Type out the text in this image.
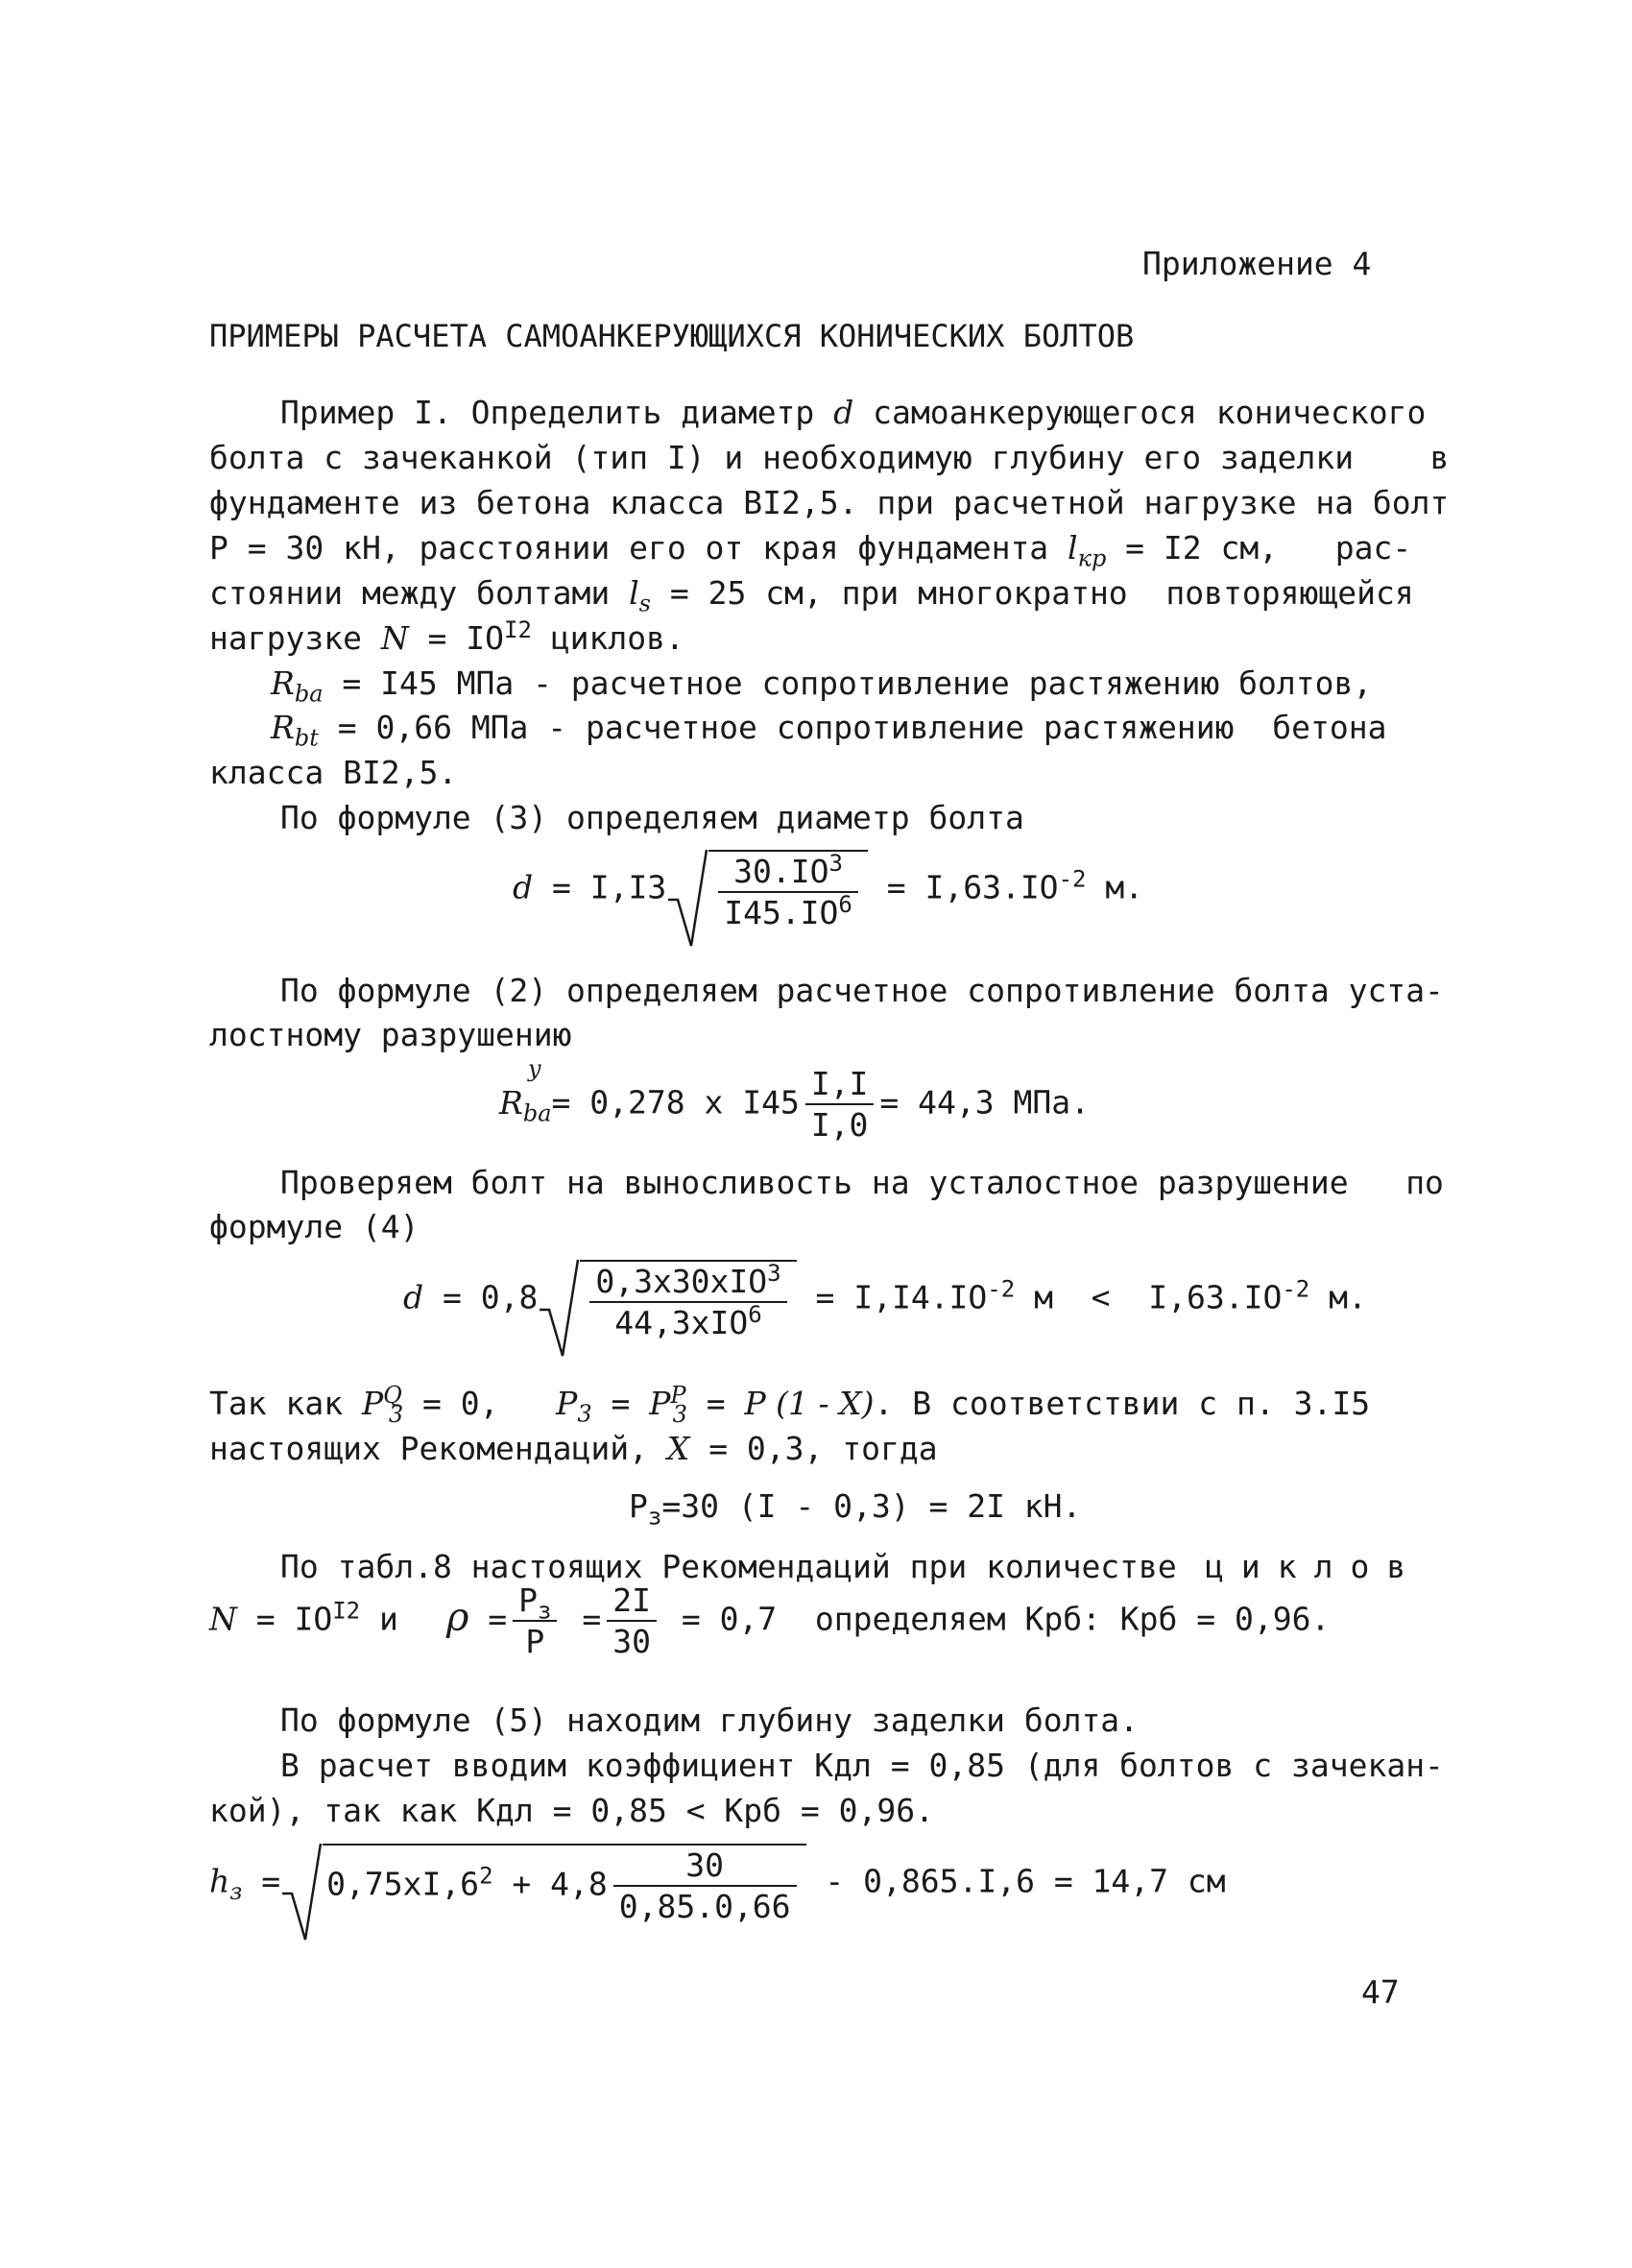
Приложение 4
ПРИМЕРЫ РАСЧЕТА САМОАНКЕРУЮЩИХСЯ КОНИЧЕСКИХ БОЛТОВ
Пример I. Определить диаметр d самоанкерующегося конического
болта с зачеканкой (тип I) и необходимую глубину его заделки    в
фундаменте из бетона класса BI2,5. при расчетной нагрузке на болт
P = 30 кН, расстоянии его от края фундамента $l_{кр} = I2$ см,   рас-
стоянии между болтами $l_s = 25$ см, при многократно  повторяющейся
нагрузке $N = IO^{I2}$ циклов.
$R_{ba} = I45$ МПа - расчетное сопротивление растяжению болтов,
$R_{bt} = 0,66$ МПа - расчетное сопротивление растяжению  бетона
класса BI2,5.
По формуле (3) определяем диаметр болта
$d = I,I3 \frac{30.IO^3}{I45.IO^6} = I,63.IO^{-2}$ м.
По формуле (2) определяем расчетное сопротивление болта уста-
лостному разрушению
R
у
$_{ba}$= 0,278 x $I45 \frac{I,I}{I,0} = 44,3$ МПа.
Проверяем болт на выносливость на усталостное разрушение   по
формуле (4)
$d = 0,8 \frac{0,3x30xIO^3}{44,3xIO^6} = I,I4.IO^{-2}$ $м < I,63.IO^{-2}$ м.
Так как $P^Q_3 = 0$,   $P_3 = P^P_3 = P$ (1 - X). B соответствии с п. 3.I5
настоящих Рекомендаций, X = 0,3, тогда
$P_з=30$ (I - 0,3) = 2I кН.
По табл.8 настоящих Рекомендаций при количестве циклов
$N = IO^{I2}$ и $\rho = \frac{P_з}{P} = \frac{2I}{30} = 0,7$  определяем Крб: Крб = 0,96.
По формуле (5) находим глубину заделки болта.
B расчет вводим коэффициент Кдл = 0,85 (для болтов с зачекан-
кой), так как Кдл = 0,85 < Крб = 0,96.
$h_з = 0,75xI,6^2 + 4,8 \frac{30}{0,85.0,66} - 0,865.I,6 = 14,7$ см
47
